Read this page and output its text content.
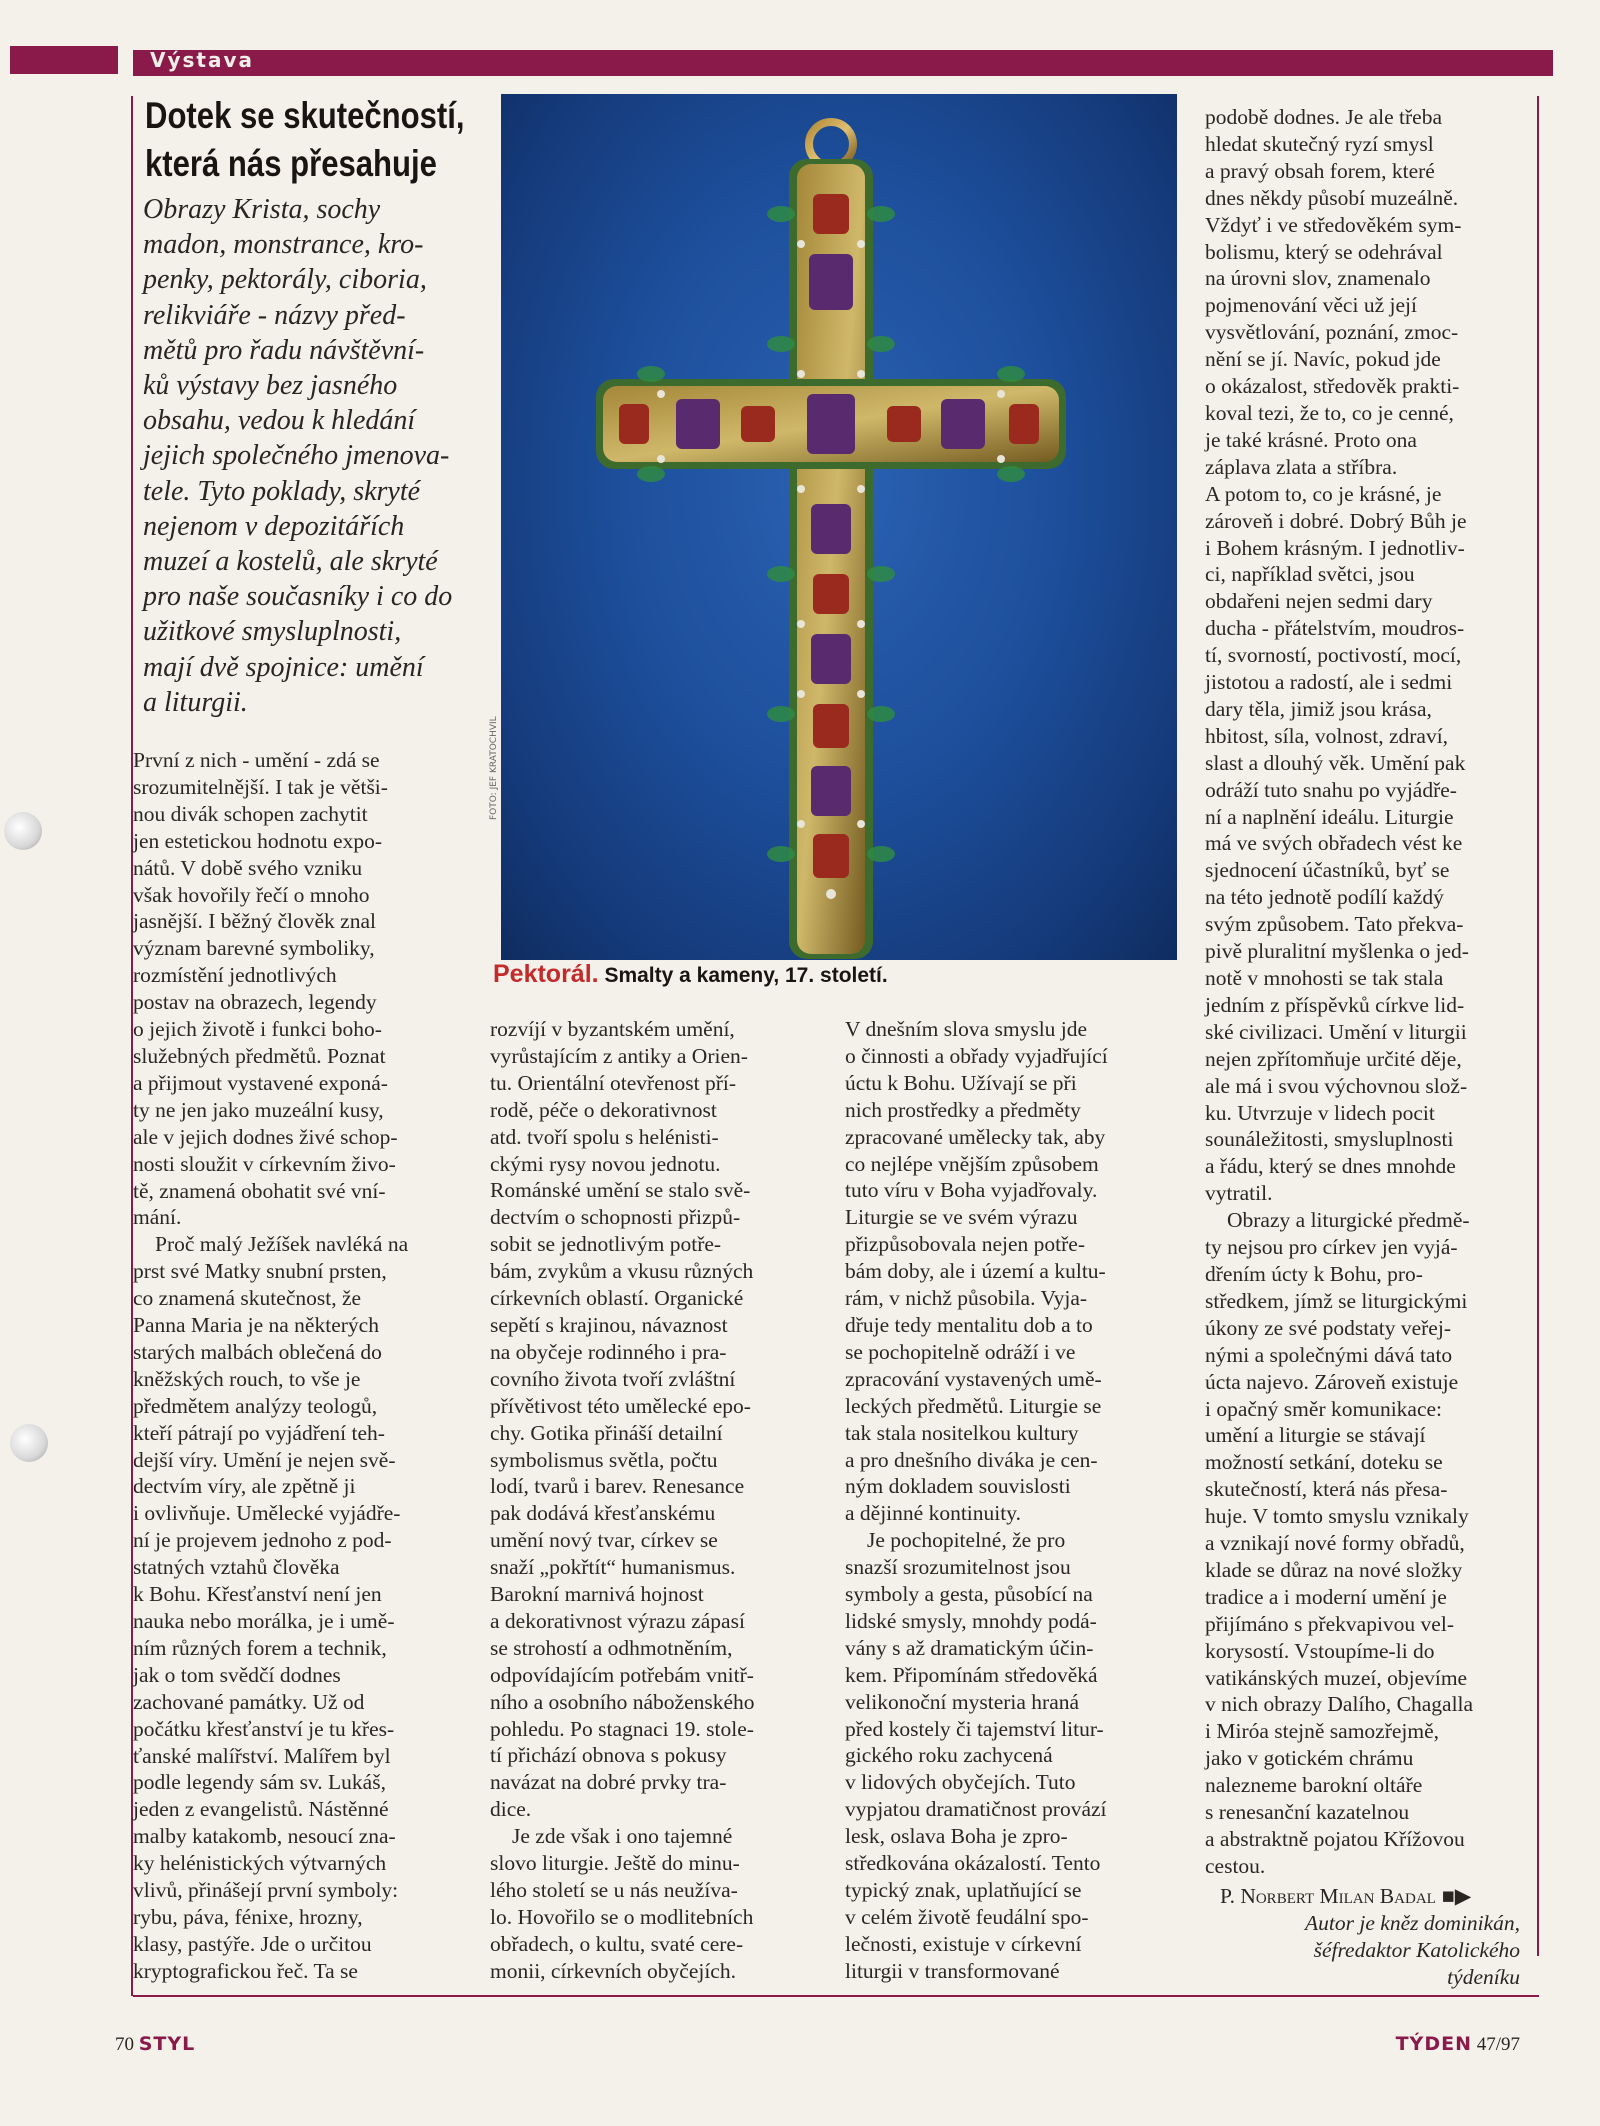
Výstava
Dotek se skutečností,
která nás přesahuje
Obrazy Krista, sochy
madon, monstrance, kro-
penky, pektorály, ciboria,
relikviáře - názvy před-
mětů pro řadu návštěvní-
ků výstavy bez jasného
obsahu, vedou k hledání
jejich společného jmenova-
tele. Tyto poklady, skryté
nejenom v depozitářích
muzeí a kostelů, ale skryté
pro naše současníky i co do
užitkové smysluplnosti,
mají dvě spojnice: umění
a liturgii.
FOTO: JEF KRATOCHVIL
Pektorál. Smalty a kameny, 17. století.
První z nich - umění - zdá se
srozumitelnější. I tak je větši-
nou divák schopen zachytit
jen estetickou hodnotu expo-
nátů. V době svého vzniku
však hovořily řečí o mnoho
jasnější. I běžný člověk znal
význam barevné symboliky,
rozmístění jednotlivých
postav na obrazech, legendy
o jejich životě i funkci boho-
služebných předmětů. Poznat
a přijmout vystavené exponá-
ty ne jen jako muzeální kusy,
ale v jejich dodnes živé schop-
nosti sloužit v církevním živo-
tě, znamená obohatit své vní-
mání.
Proč malý Ježíšek navléká na
prst své Matky snubní prsten,
co znamená skutečnost, že
Panna Maria je na některých
starých malbách oblečená do
kněžských rouch, to vše je
předmětem analýzy teologů,
kteří pátrají po vyjádření teh-
dejší víry. Umění je nejen svě-
dectvím víry, ale zpětně ji
i ovlivňuje. Umělecké vyjádře-
ní je projevem jednoho z pod-
statných vztahů člověka
k Bohu. Křesťanství není jen
nauka nebo morálka, je i umě-
ním různých forem a technik,
jak o tom svědčí dodnes
zachované památky. Už od
počátku křesťanství je tu křes-
ťanské malířství. Malířem byl
podle legendy sám sv. Lukáš,
jeden z evangelistů. Nástěnné
malby katakomb, nesoucí zna-
ky helénistických výtvarných
vlivů, přinášejí první symboly:
rybu, páva, fénixe, hrozny,
klasy, pastýře. Jde o určitou
kryptografickou řeč. Ta se
rozvíjí v byzantském umění,
vyrůstajícím z antiky a Orien-
tu. Orientální otevřenost pří-
rodě, péče o dekorativnost
atd. tvoří spolu s helénisti-
ckými rysy novou jednotu.
Románské umění se stalo svě-
dectvím o schopnosti přizpů-
sobit se jednotlivým potře-
bám, zvykům a vkusu různých
církevních oblastí. Organické
sepětí s krajinou, návaznost
na obyčeje rodinného i pra-
covního života tvoří zvláštní
přívětivost této umělecké epo-
chy. Gotika přináší detailní
symbolismus světla, počtu
lodí, tvarů i barev. Renesance
pak dodává křesťanskému
umění nový tvar, církev se
snaží „pokřtít“ humanismus.
Barokní marnivá hojnost
a dekorativnost výrazu zápasí
se strohostí a odhmotněním,
odpovídajícím potřebám vnitř-
ního a osobního náboženského
pohledu. Po stagnaci 19. stole-
tí přichází obnova s pokusy
navázat na dobré prvky tra-
dice.
Je zde však i ono tajemné
slovo liturgie. Ještě do minu-
lého století se u nás neužíva-
lo. Hovořilo se o modlitebních
obřadech, o kultu, svaté cere-
monii, církevních obyčejích.
V dnešním slova smyslu jde
o činnosti a obřady vyjadřující
úctu k Bohu. Užívají se při
nich prostředky a předměty
zpracované umělecky tak, aby
co nejlépe vnějším způsobem
tuto víru v Boha vyjadřovaly.
Liturgie se ve svém výrazu
přizpůsobovala nejen potře-
bám doby, ale i území a kultu-
rám, v nichž působila. Vyja-
dřuje tedy mentalitu dob a to
se pochopitelně odráží i ve
zpracování vystavených umě-
leckých předmětů. Liturgie se
tak stala nositelkou kultury
a pro dnešního diváka je cen-
ným dokladem souvislosti
a dějinné kontinuity.
Je pochopitelné, že pro
snazší srozumitelnost jsou
symboly a gesta, působící na
lidské smysly, mnohdy podá-
vány s až dramatickým účin-
kem. Připomínám středověká
velikonoční mysteria hraná
před kostely či tajemství litur-
gického roku zachycená
v lidových obyčejích. Tuto
vypjatou dramatičnost provází
lesk, oslava Boha je zpro-
středkována okázalostí. Tento
typický znak, uplatňující se
v celém životě feudální spo-
lečnosti, existuje v církevní
liturgii v transformované
podobě dodnes. Je ale třeba
hledat skutečný ryzí smysl
a pravý obsah forem, které
dnes někdy působí muzeálně.
Vždyť i ve středověkém sym-
bolismu, který se odehrával
na úrovni slov, znamenalo
pojmenování věci už její
vysvětlování, poznání, zmoc-
nění se jí. Navíc, pokud jde
o okázalost, středověk prakti-
koval tezi, že to, co je cenné,
je také krásné. Proto ona
záplava zlata a stříbra.
A potom to, co je krásné, je
zároveň i dobré. Dobrý Bůh je
i Bohem krásným. I jednotliv-
ci, například světci, jsou
obdařeni nejen sedmi dary
ducha - přátelstvím, moudros-
tí, svorností, poctivostí, mocí,
jistotou a radostí, ale i sedmi
dary těla, jimiž jsou krása,
hbitost, síla, volnost, zdraví,
slast a dlouhý věk. Umění pak
odráží tuto snahu po vyjádře-
ní a naplnění ideálu. Liturgie
má ve svých obřadech vést ke
sjednocení účastníků, byť se
na této jednotě podílí každý
svým způsobem. Tato překva-
pivě pluralitní myšlenka o jed-
notě v mnohosti se tak stala
jedním z příspěvků církve lid-
ské civilizaci. Umění v liturgii
nejen zpřítomňuje určité děje,
ale má i svou výchovnou slož-
ku. Utvrzuje v lidech pocit
sounáležitosti, smysluplnosti
a řádu, který se dnes mnohde
vytratil.
Obrazy a liturgické předmě-
ty nejsou pro církev jen vyjá-
dřením úcty k Bohu, pro-
středkem, jímž se liturgickými
úkony ze své podstaty veřej-
nými a společnými dává tato
úcta najevo. Zároveň existuje
i opačný směr komunikace:
umění a liturgie se stávají
možností setkání, doteku se
skutečností, která nás přesa-
huje. V tomto smyslu vznikaly
a vznikají nové formy obřadů,
klade se důraz na nové složky
tradice a i moderní umění je
přijímáno s překvapivou vel-
korysostí. Vstoupíme-li do
vatikánských muzeí, objevíme
v nich obrazy Dalího, Chagalla
i Miróa stejně samozřejmě,
jako v gotickém chrámu
nalezneme barokní oltáře
s renesanční kazatelnou
a abstraktně pojatou Křížovou
cestou.
P. Norbert Milan Badal ■▶
Autor je kněz dominikán,
šéfredaktor Katolického
týdeníku
70 STYL	TÝDEN 47/97
